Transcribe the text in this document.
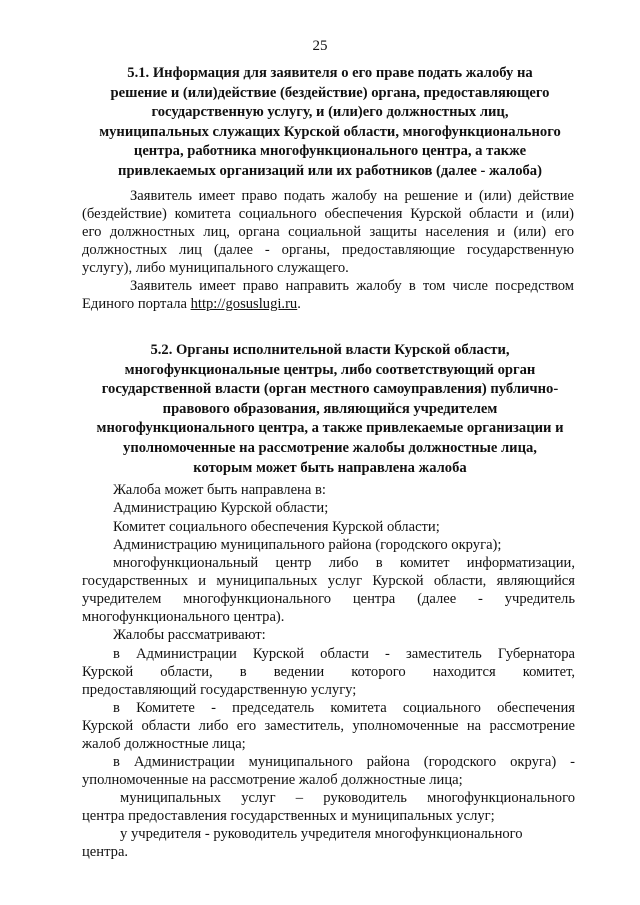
25
5.1. Информация для заявителя о его праве подать жалобу на
решение и (или)действие (бездействие) органа, предоставляющего
государственную услугу, и (или)его должностных лиц,
муниципальных служащих Курской области, многофункционального
центра, работника многофункционального центра, а также
привлекаемых организаций или их работников (далее - жалоба)
Заявитель имеет право подать жалобу на решение и (или) действие
(бездействие) комитета социального обеспечения Курской области и (или)
его должностных лиц, органа социальной защиты населения и (или) его
должностных лиц (далее - органы, предоставляющие государственную
услугу), либо муниципального служащего.
Заявитель имеет право направить жалобу в том числе посредством
Единого портала http://gosuslugi.ru.
5.2. Органы исполнительной власти Курской области,
многофункциональные центры, либо соответствующий орган
государственной власти (орган местного самоуправления) публично-
правового образования, являющийся учредителем
многофункционального центра, а также привлекаемые организации и
уполномоченные на рассмотрение жалобы должностные лица,
которым может быть направлена жалоба
Жалоба может быть направлена в:
Администрацию Курской области;
Комитет социального обеспечения Курской области;
Администрацию муниципального района (городского округа);
многофункциональный центр либо в комитет информатизации,
государственных и муниципальных услуг Курской области, являющийся
учредителем многофункционального центра (далее - учредитель
многофункционального центра).
Жалобы рассматривают:
в Администрации Курской области - заместитель Губернатора
Курской области, в ведении которого находится комитет,
предоставляющий государственную услугу;
в Комитете - председатель комитета социального обеспечения
Курской области либо его заместитель, уполномоченные на рассмотрение
жалоб должностные лица;
в Администрации муниципального района (городского округа) -
уполномоченные на рассмотрение жалоб должностные лица;
муниципальных услуг – руководитель многофункционального
центра предоставления государственных и муниципальных услуг;
у учредителя - руководитель учредителя многофункционального
центра.
